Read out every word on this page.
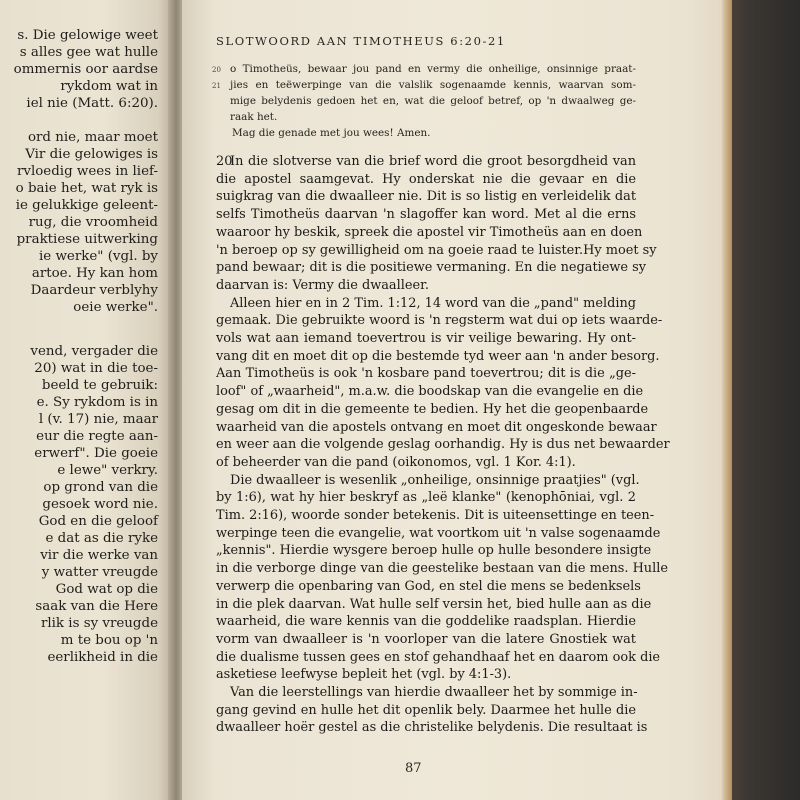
s. Die gelowige weet
s alles gee wat hulle
ommernis oor aardse
rykdom wat in
iel nie (Matt. 6:20).
ord nie, maar moet
Vir die gelowiges is
rvloedig wees in lief-
o baie het, wat ryk is
ie gelukkige geleent-
rug, die vroomheid
praktiese uitwerking
ie werke" (vgl. by
artoe. Hy kan hom
Daardeur verblyhy
oeie werke".
vend, vergader die
20) wat in die toe-
beeld te gebruik:
e. Sy rykdom is in
l (v. 17) nie, maar
eur die regte aan-
erwerf". Die goeie
e lewe" verkry.
op grond van die
gesoek word nie.
God en die geloof
e dat as die ryke
vir die werke van
y watter vreugde
God wat op die
saak van die Here
rlik is sy vreugde
m te bou op 'n
eerlikheid in die
SLOTWOORD AAN TIMOTHEUS 6:20-21
20
21
o Timotheüs, bewaar jou pand en vermy die onheilige, onsinnige praat-
jies en teëwerpinge van die valslik sogenaamde kennis, waarvan som-
mige belydenis gedoen het en, wat die geloof betref, op 'n dwaalweg ge-
raak het.
Mag die genade met jou wees! Amen.
20
In die slotverse van die brief word die groot besorgdheid van
die apostel saamgevat. Hy onderskat nie die gevaar en die
suigkrag van die dwaalleer nie. Dit is so listig en verleidelik dat
selfs Timotheüs daarvan 'n slagoffer kan word. Met al die erns
waaroor hy beskik, spreek die apostel vir Timotheüs aan en doen
'n beroep op sy gewilligheid om na goeie raad te luister.Hy moet sy
pand bewaar; dit is die positiewe vermaning. En die negatiewe sy
daarvan is: Vermy die dwaalleer.
Alleen hier en in 2 Tim. 1:12, 14 word van die „pand" melding
gemaak. Die gebruikte woord is 'n regsterm wat dui op iets waarde-
vols wat aan iemand toevertrou is vir veilige bewaring. Hy ont-
vang dit en moet dit op die bestemde tyd weer aan 'n ander besorg.
Aan Timotheüs is ook 'n kosbare pand toevertrou; dit is die „ge-
loof" of „waarheid", m.a.w. die boodskap van die evangelie en die
gesag om dit in die gemeente te bedien. Hy het die geopenbaarde
waarheid van die apostels ontvang en moet dit ongeskonde bewaar
en weer aan die volgende geslag oorhandig. Hy is dus net bewaarder
of beheerder van die pand (oikonomos, vgl. 1 Kor. 4:1).
Die dwaalleer is wesenlik „onheilige, onsinnige praatjies" (vgl.
by 1:6), wat hy hier beskryf as „leë klanke" (kenophōniai, vgl. 2
Tim. 2:16), woorde sonder betekenis. Dit is uiteensettinge en teen-
werpinge teen die evangelie, wat voortkom uit 'n valse sogenaamde
„kennis". Hierdie wysgere beroep hulle op hulle besondere insigte
in die verborge dinge van die geestelike bestaan van die mens. Hulle
verwerp die openbaring van God, en stel die mens se bedenksels
in die plek daarvan. Wat hulle self versin het, bied hulle aan as die
waarheid, die ware kennis van die goddelike raadsplan. Hierdie
vorm van dwaalleer is 'n voorloper van die latere Gnostiek wat
die dualisme tussen gees en stof gehandhaaf het en daarom ook die
asketiese leefwyse bepleit het (vgl. by 4:1-3).
Van die leerstellings van hierdie dwaalleer het by sommige in-
gang gevind en hulle het dit openlik bely. Daarmee het hulle die
dwaalleer hoër gestel as die christelike belydenis. Die resultaat is
87
